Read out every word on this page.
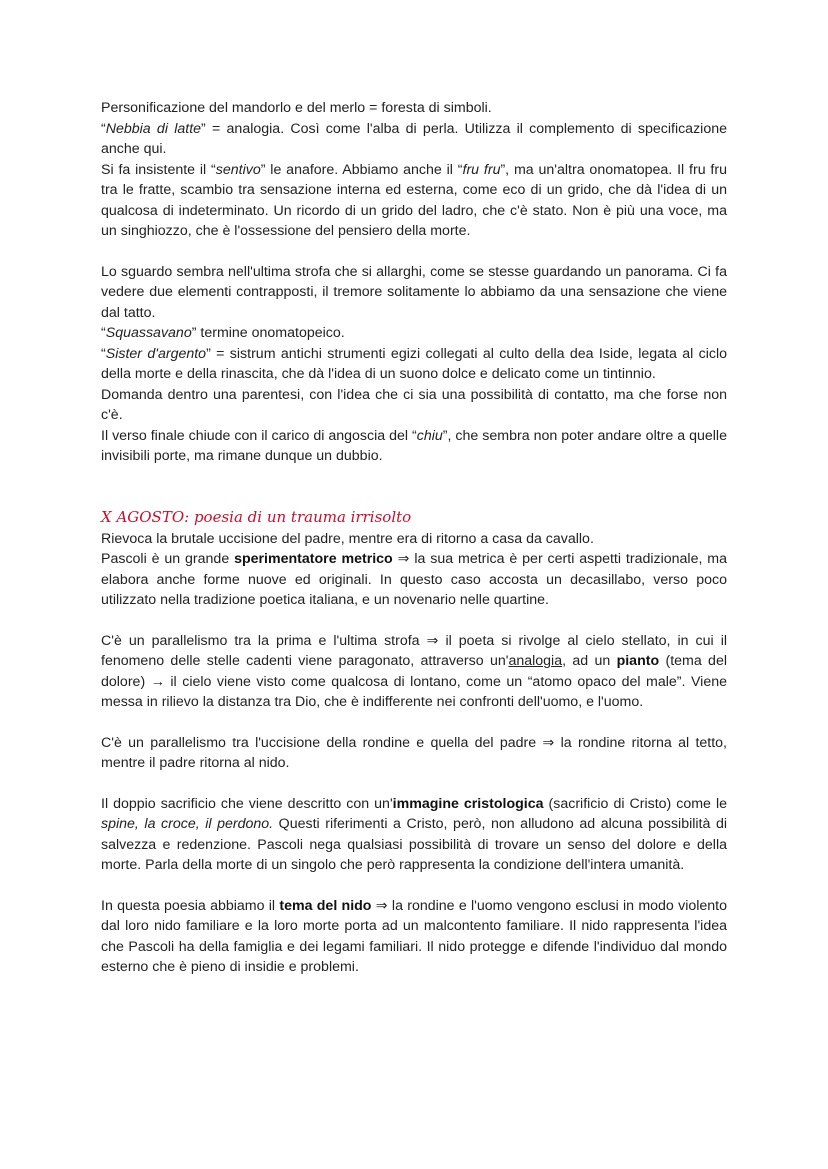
Personificazione del mandorlo e del merlo = foresta di simboli.

“Nebbia di latte” = analogia. Così come l'alba di perla. Utilizza il complemento di specificazione anche qui.

Si fa insistente il “sentivo” le anafore. Abbiamo anche il “fru fru”, ma un'altra onomatopea. Il fru fru tra le fratte, scambio tra sensazione interna ed esterna, come eco di un grido, che dà l'idea di un qualcosa di indeterminato. Un ricordo di un grido del ladro, che c'è stato. Non è più una voce, ma un singhiozzo, che è l'ossessione del pensiero della morte.

Lo sguardo sembra nell'ultima strofa che si allarghi, come se stesse guardando un panorama. Ci fa vedere due elementi contrapposti, il tremore solitamente lo abbiamo da una sensazione che viene dal tatto.

“Squassavano” termine onomatopeico.

“Sister d'argento” = sistrum antichi strumenti egizi collegati al culto della dea Iside, legata al ciclo della morte e della rinascita, che dà l'idea di un suono dolce e delicato come un tintinnio.

Domanda dentro una parentesi, con l'idea che ci sia una possibilità di contatto, ma che forse non c'è.

Il verso finale chiude con il carico di angoscia del “chiu”, che sembra non poter andare oltre a quelle invisibili porte, ma rimane dunque un dubbio.

X AGOSTO: poesia di un trauma irrisolto

Rievoca la brutale uccisione del padre, mentre era di ritorno a casa da cavallo.

Pascoli è un grande sperimentatore metrico ⇒ la sua metrica è per certi aspetti tradizionale, ma elabora anche forme nuove ed originali. In questo caso accosta un decasillabo, verso poco utilizzato nella tradizione poetica italiana, e un novenario nelle quartine.

C'è un parallelismo tra la prima e l'ultima strofa ⇒ il poeta si rivolge al cielo stellato, in cui il fenomeno delle stelle cadenti viene paragonato, attraverso un'analogia, ad un pianto (tema del dolore) → il cielo viene visto come qualcosa di lontano, come un “atomo opaco del male”. Viene messa in rilievo la distanza tra Dio, che è indifferente nei confronti dell'uomo, e l'uomo.

C'è un parallelismo tra l'uccisione della rondine e quella del padre ⇒ la rondine ritorna al tetto, mentre il padre ritorna al nido.

Il doppio sacrificio che viene descritto con un'immagine cristologica (sacrificio di Cristo) come le spine, la croce, il perdono. Questi riferimenti a Cristo, però, non alludono ad alcuna possibilità di salvezza e redenzione. Pascoli nega qualsiasi possibilità di trovare un senso del dolore e della morte. Parla della morte di un singolo che però rappresenta la condizione dell'intera umanità.

In questa poesia abbiamo il tema del nido ⇒ la rondine e l'uomo vengono esclusi in modo violento dal loro nido familiare e la loro morte porta ad un malcontento familiare. Il nido rappresenta l'idea che Pascoli ha della famiglia e dei legami familiari. Il nido protegge e difende l'individuo dal mondo esterno che è pieno di insidie e problemi.
